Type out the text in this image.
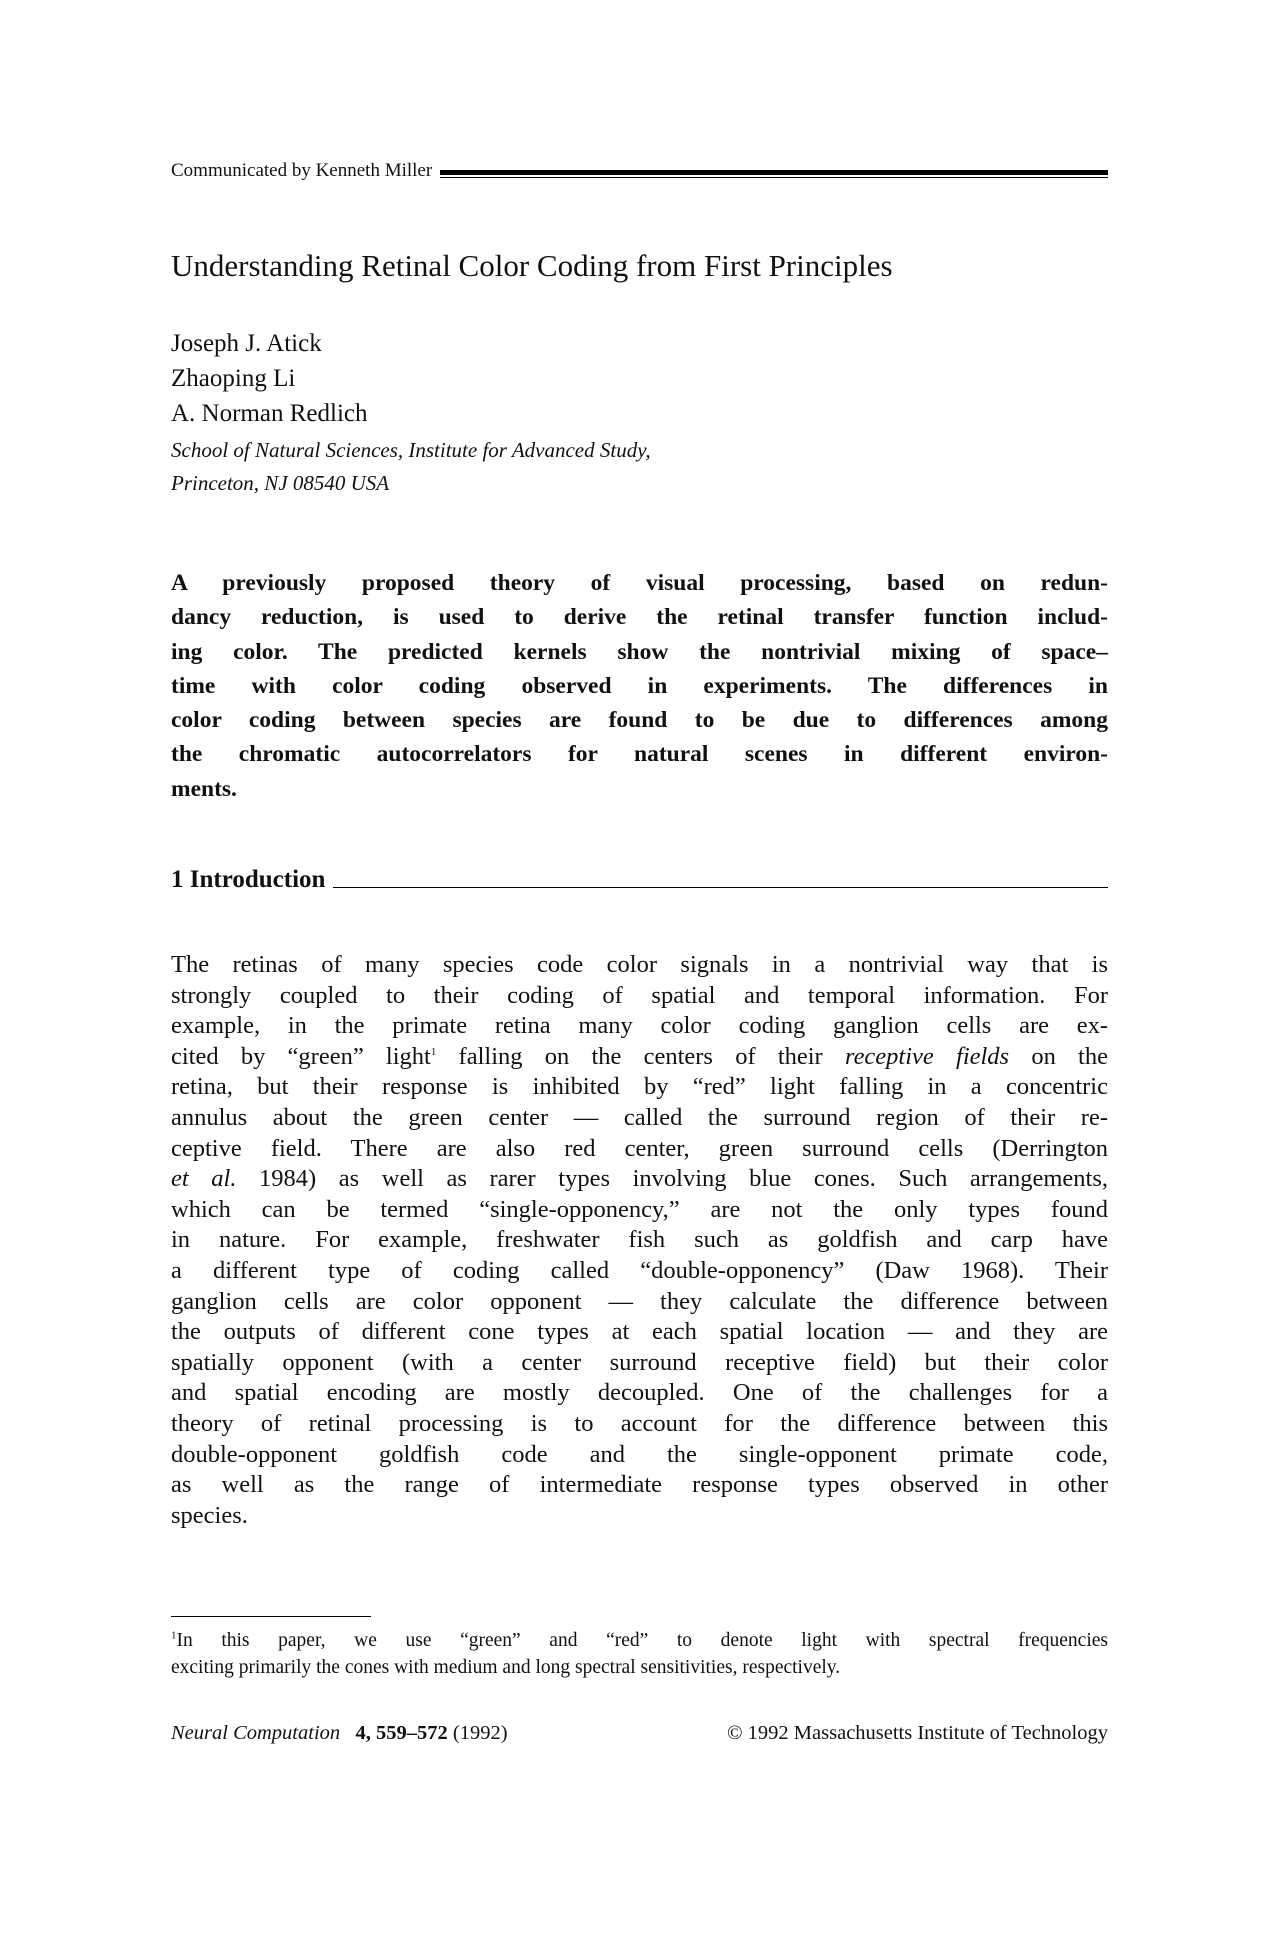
Communicated by Kenneth Miller
Understanding Retinal Color Coding from First Principles
Joseph J. Atick
Zhaoping Li
A. Norman Redlich
School of Natural Sciences, Institute for Advanced Study,
Princeton, NJ 08540 USA
A previously proposed theory of visual processing, based on redun-
dancy reduction, is used to derive the retinal transfer function includ-
ing color. The predicted kernels show the nontrivial mixing of space–
time with color coding observed in experiments. The differences in
color coding between species are found to be due to differences among
the chromatic autocorrelators for natural scenes in different environ-
ments.
1 Introduction
The retinas of many species code color signals in a nontrivial way that is
strongly coupled to their coding of spatial and temporal information. For
example, in the primate retina many color coding ganglion cells are ex-
cited by “green” light$^1$ falling on the centers of their receptive fields on the
retina, but their response is inhibited by “red” light falling in a concentric
annulus about the green center — called the surround region of their re-
ceptive field. There are also red center, green surround cells (Derrington
et al. 1984) as well as rarer types involving blue cones. Such arrangements,
which can be termed “single-opponency,” are not the only types found
in nature. For example, freshwater fish such as goldfish and carp have
a different type of coding called “double-opponency” (Daw 1968). Their
ganglion cells are color opponent — they calculate the difference between
the outputs of different cone types at each spatial location — and they are
spatially opponent (with a center surround receptive field) but their color
and spatial encoding are mostly decoupled. One of the challenges for a
theory of retinal processing is to account for the difference between this
double-opponent goldfish code and the single-opponent primate code,
as well as the range of intermediate response types observed in other
species.
$^1$In this paper, we use “green” and “red” to denote light with spectral frequencies
exciting primarily the cones with medium and long spectral sensitivities, respectively.
Neural Computation 4, 559–572 (1992)	© 1992 Massachusetts Institute of Technology
